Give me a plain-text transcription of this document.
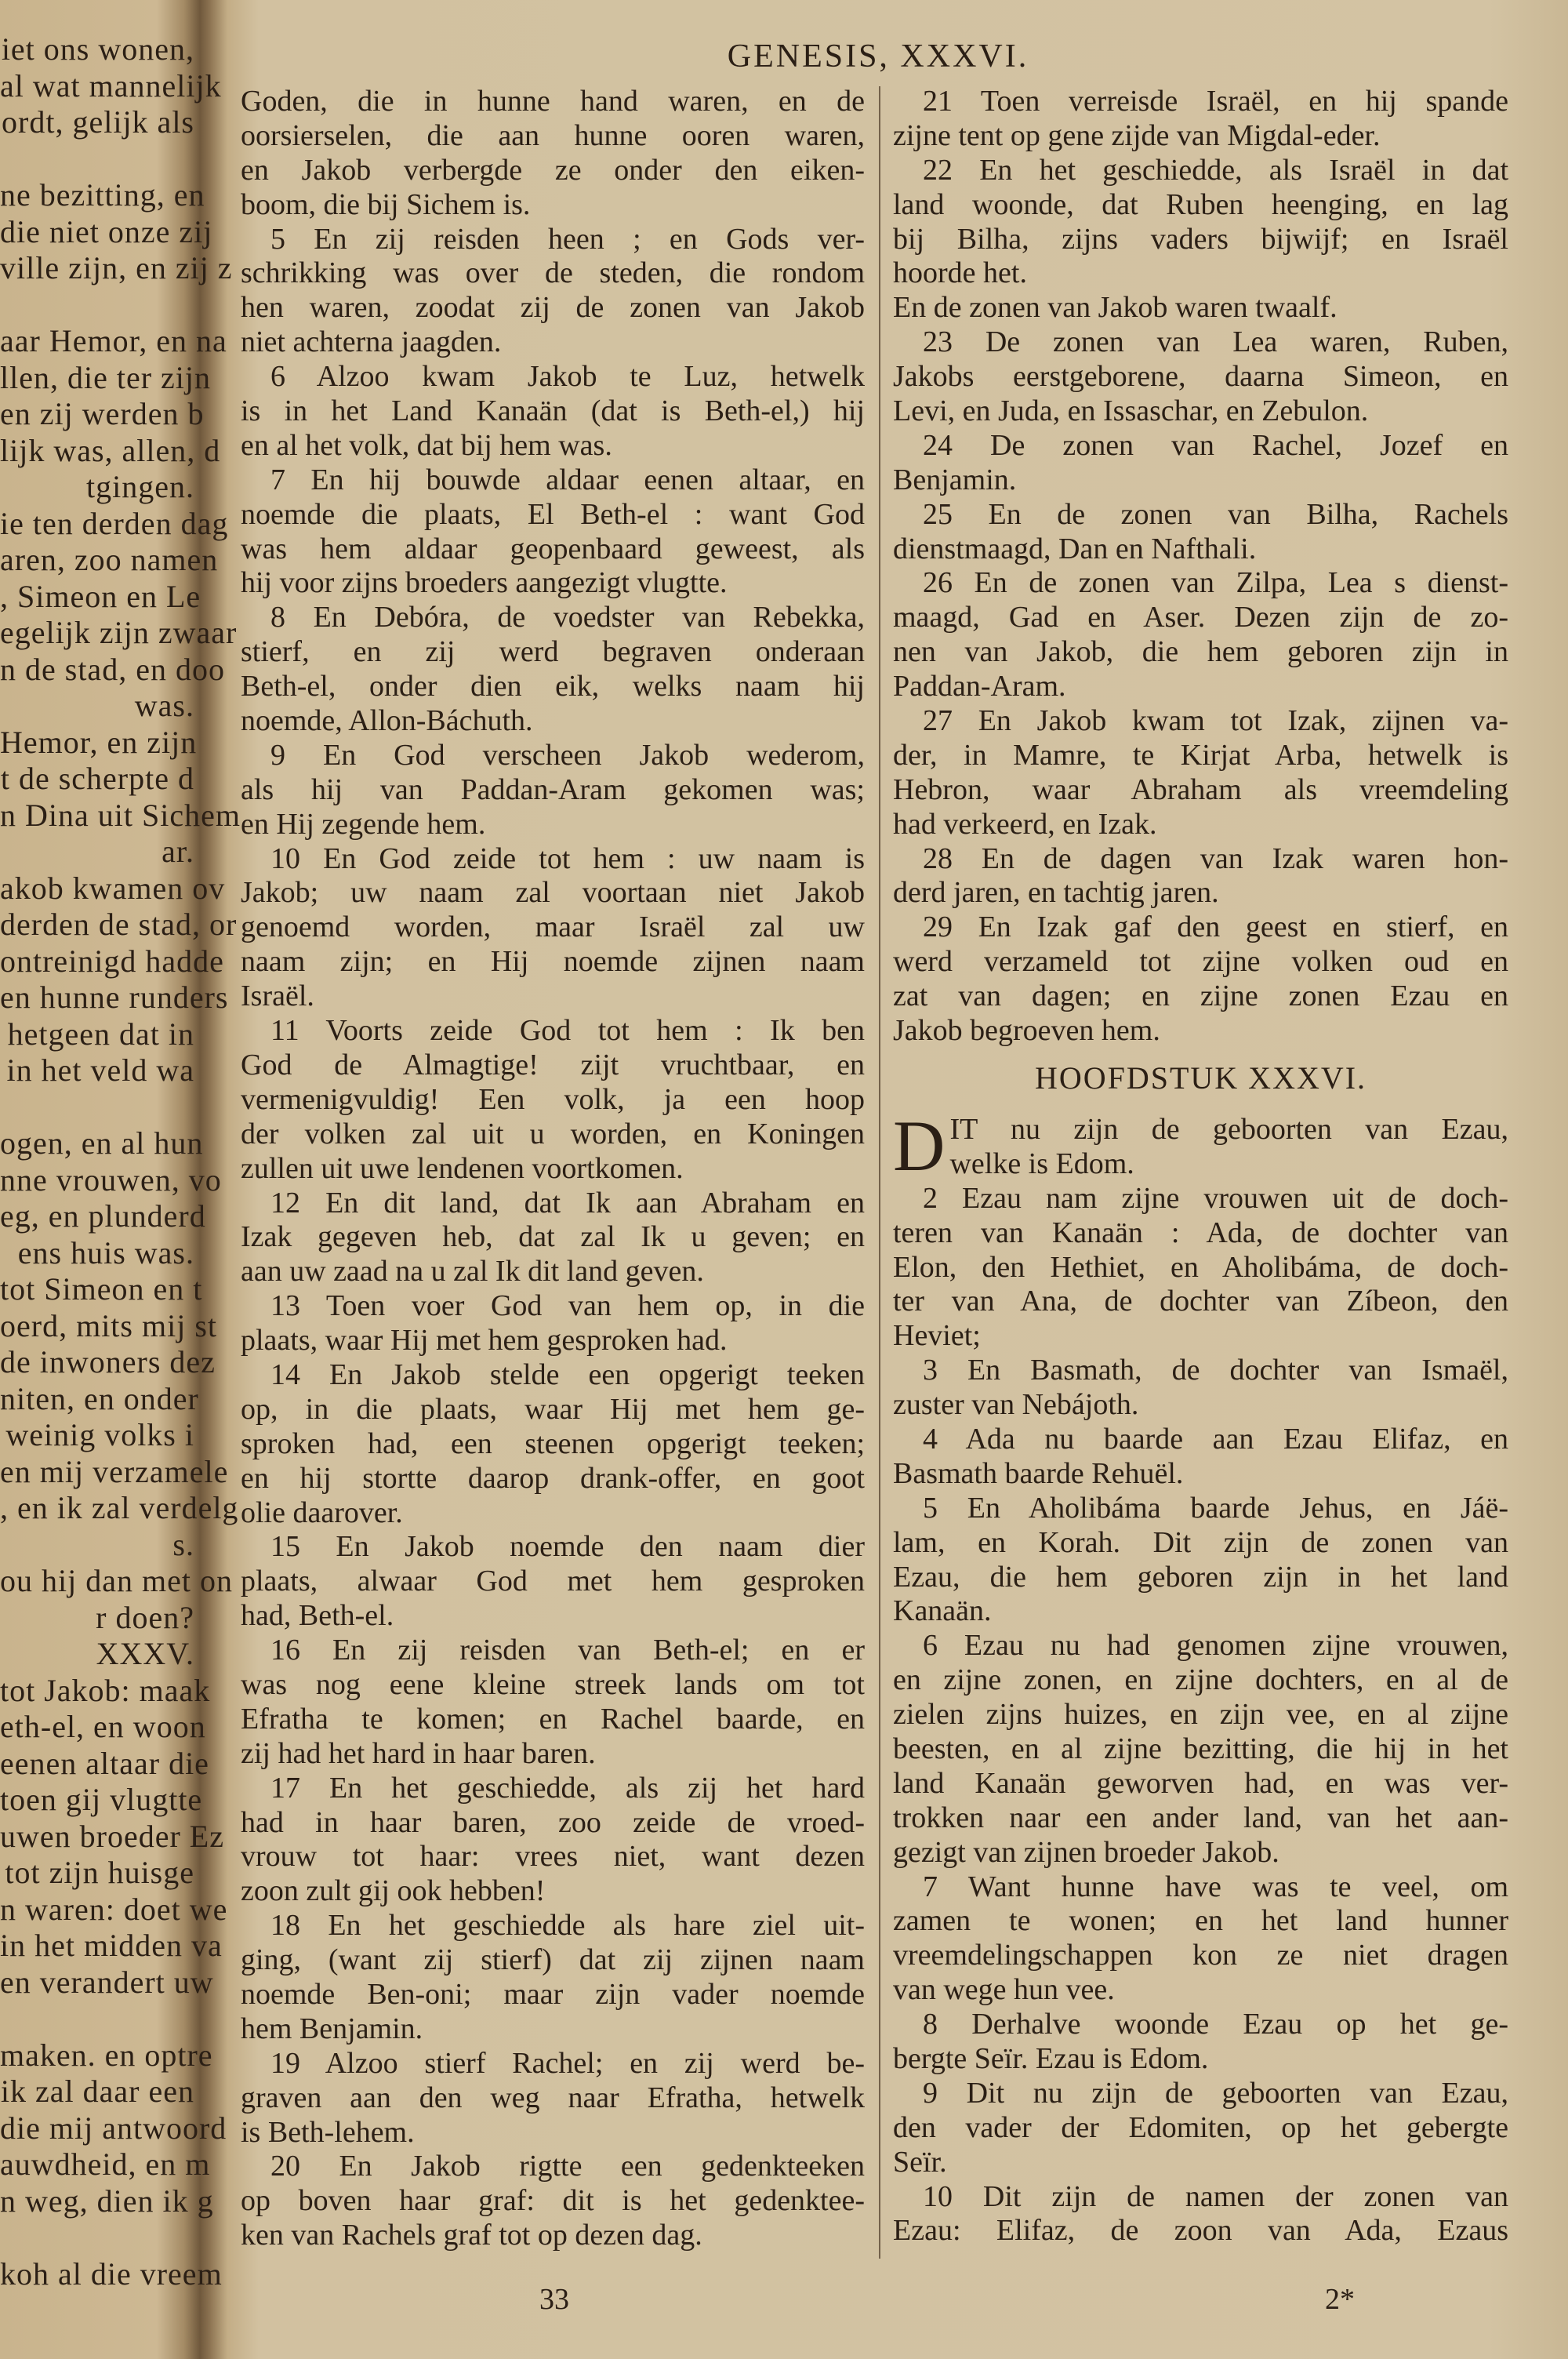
iet ons wonen,
al wat mannelijk
ordt, gelijk als
ne bezitting, en
die niet onze zij
ville zijn, en zij z
aar Hemor, en na
llen, die ter zijn
en zij werden b
lijk was, allen, d
tgingen.
ie ten derden dag
aren, zoo namen
, Simeon en Le
egelijk zijn zwaar
n de stad, en doo
was.
Hemor, en zijn
t de scherpte d
n Dina uit Sichem
ar.
akob kwamen ov
derden de stad, or
ontreinigd hadde
en hunne runders
hetgeen dat in
in het veld wa
ogen, en al hun
nne vrouwen, vo
eg, en plunderd
ens huis was.
tot Simeon en t
oerd, mits mij st
de inwoners dez
niten, en onder
weinig volks i
en mij verzamele
, en ik zal verdelg
s.
ou hij dan met on
r doen?
XXXV.
tot Jakob: maak
eth-el, en woon
eenen altaar die
toen gij vlugtte
uwen broeder Ez
tot zijn huisge
n waren: doet we
in het midden va
en verandert uw
maken. en optre
ik zal daar een
die mij antwoord
auwdheid, en m
n weg, dien ik g
koh al die vreem
GENESIS, XXXVI.
Goden, die in hunne hand waren, en de
oorsierselen, die aan hunne ooren waren,
en Jakob verbergde ze onder den eiken-
boom, die bij Sichem is.
5 En zij reisden heen ; en Gods ver-
schrikking was over de steden, die rondom
hen waren, zoodat zij de zonen van Jakob
niet achterna jaagden.
6 Alzoo kwam Jakob te Luz, hetwelk
is in het Land Kanaän (dat is Beth-el,) hij
en al het volk, dat bij hem was.
7 En hij bouwde aldaar eenen altaar, en
noemde die plaats, El Beth-el : want God
was hem aldaar geopenbaard geweest, als
hij voor zijns broeders aangezigt vlugtte.
8 En Debóra, de voedster van Rebekka,
stierf, en zij werd begraven onderaan
Beth-el, onder dien eik, welks naam hij
noemde, Allon-Báchuth.
9 En God verscheen Jakob wederom,
als hij van Paddan-Aram gekomen was;
en Hij zegende hem.
10 En God zeide tot hem : uw naam is
Jakob; uw naam zal voortaan niet Jakob
genoemd worden, maar Israël zal uw
naam zijn; en Hij noemde zijnen naam
Israël.
11 Voorts zeide God tot hem : Ik ben
God de Almagtige! zijt vruchtbaar, en
vermenigvuldig! Een volk, ja een hoop
der volken zal uit u worden, en Koningen
zullen uit uwe lendenen voortkomen.
12 En dit land, dat Ik aan Abraham en
Izak gegeven heb, dat zal Ik u geven; en
aan uw zaad na u zal Ik dit land geven.
13 Toen voer God van hem op, in die
plaats, waar Hij met hem gesproken had.
14 En Jakob stelde een opgerigt teeken
op, in die plaats, waar Hij met hem ge-
sproken had, een steenen opgerigt teeken;
en hij stortte daarop drank-offer, en goot
olie daarover.
15 En Jakob noemde den naam dier
plaats, alwaar God met hem gesproken
had, Beth-el.
16 En zij reisden van Beth-el; en er
was nog eene kleine streek lands om tot
Efratha te komen; en Rachel baarde, en
zij had het hard in haar baren.
17 En het geschiedde, als zij het hard
had in haar baren, zoo zeide de vroed-
vrouw tot haar: vrees niet, want dezen
zoon zult gij ook hebben!
18 En het geschiedde als hare ziel uit-
ging, (want zij stierf) dat zij zijnen naam
noemde Ben-oni; maar zijn vader noemde
hem Benjamin.
19 Alzoo stierf Rachel; en zij werd be-
graven aan den weg naar Efratha, hetwelk
is Beth-lehem.
20 En Jakob rigtte een gedenkteeken
op boven haar graf: dit is het gedenktee-
ken van Rachels graf tot op dezen dag.
21 Toen verreisde Israël, en hij spande
zijne tent op gene zijde van Migdal-eder.
22 En het geschiedde, als Israël in dat
land woonde, dat Ruben heenging, en lag
bij Bilha, zijns vaders bijwijf; en Israël
hoorde het.
En de zonen van Jakob waren twaalf.
23 De zonen van Lea waren, Ruben,
Jakobs eerstgeborene, daarna Simeon, en
Levi, en Juda, en Issaschar, en Zebulon.
24 De zonen van Rachel, Jozef en
Benjamin.
25 En de zonen van Bilha, Rachels
dienstmaagd, Dan en Nafthali.
26 En de zonen van Zilpa, Lea s dienst-
maagd, Gad en Aser. Dezen zijn de zo-
nen van Jakob, die hem geboren zijn in
Paddan-Aram.
27 En Jakob kwam tot Izak, zijnen va-
der, in Mamre, te Kirjat Arba, hetwelk is
Hebron, waar Abraham als vreemdeling
had verkeerd, en Izak.
28 En de dagen van Izak waren hon-
derd jaren, en tachtig jaren.
29 En Izak gaf den geest en stierf, en
werd verzameld tot zijne volken oud en
zat van dagen; en zijne zonen Ezau en
Jakob begroeven hem.
HOOFDSTUK XXXVI.
D IT nu zijn de geboorten van Ezau,
welke is Edom.
2 Ezau nam zijne vrouwen uit de doch-
teren van Kanaän : Ada, de dochter van
Elon, den Hethiet, en Aholibáma, de doch-
ter van Ana, de dochter van Zíbeon, den
Heviet;
3 En Basmath, de dochter van Ismaël,
zuster van Nebájoth.
4 Ada nu baarde aan Ezau Elifaz, en
Basmath baarde Rehuël.
5 En Aholibáma baarde Jehus, en Jáë-
lam, en Korah. Dit zijn de zonen van
Ezau, die hem geboren zijn in het land
Kanaän.
6 Ezau nu had genomen zijne vrouwen,
en zijne zonen, en zijne dochters, en al de
zielen zijns huizes, en zijn vee, en al zijne
beesten, en al zijne bezitting, die hij in het
land Kanaän geworven had, en was ver-
trokken naar een ander land, van het aan-
gezigt van zijnen broeder Jakob.
7 Want hunne have was te veel, om
zamen te wonen; en het land hunner
vreemdelingschappen kon ze niet dragen
van wege hun vee.
8 Derhalve woonde Ezau op het ge-
bergte Seïr. Ezau is Edom.
9 Dit nu zijn de geboorten van Ezau,
den vader der Edomiten, op het gebergte
Seïr.
10 Dit zijn de namen der zonen van
Ezau: Elifaz, de zoon van Ada, Ezaus
33	2*
